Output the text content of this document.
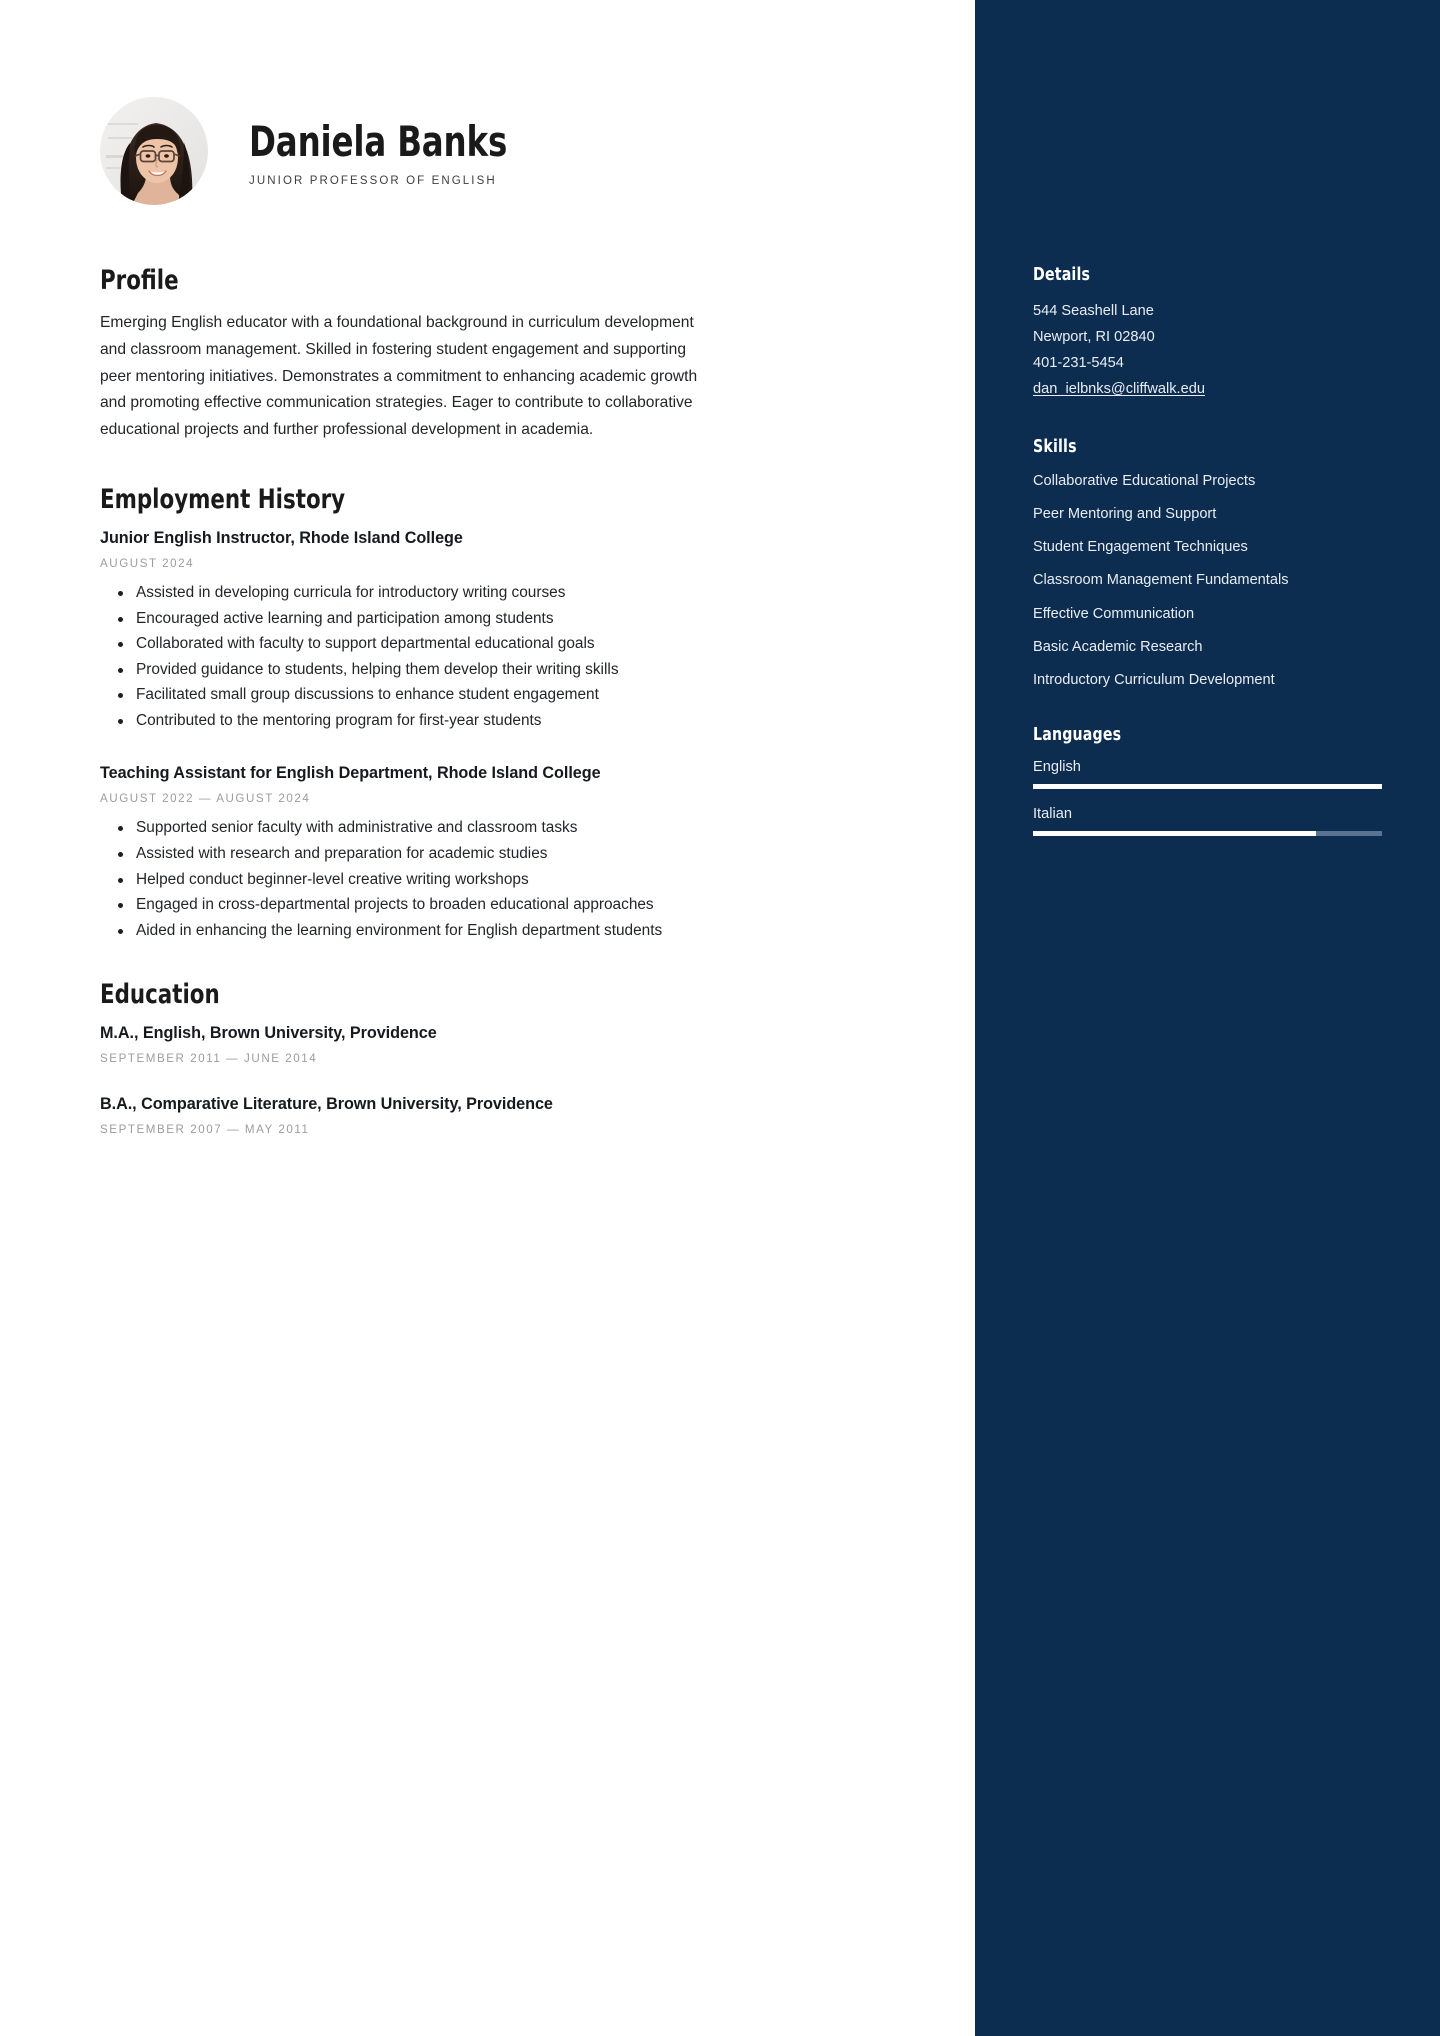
Daniela Banks
JUNIOR PROFESSOR OF ENGLISH
Profile

Emerging English educator with a foundational background in curriculum development and classroom management. Skilled in fostering student engagement and supporting peer mentoring initiatives. Demonstrates a commitment to enhancing academic growth and promoting effective communication strategies. Eager to contribute to collaborative educational projects and further professional development in academia.

Employment History
Junior English Instructor, Rhode Island College
AUGUST 2024
Assisted in developing curricula for introductory writing courses
Encouraged active learning and participation among students
Collaborated with faculty to support departmental educational goals
Provided guidance to students, helping them develop their writing skills
Facilitated small group discussions to enhance student engagement
Contributed to the mentoring program for first-year students
Teaching Assistant for English Department, Rhode Island College
AUGUST 2022 — AUGUST 2024
Supported senior faculty with administrative and classroom tasks
Assisted with research and preparation for academic studies
Helped conduct beginner-level creative writing workshops
Engaged in cross-departmental projects to broaden educational approaches
Aided in enhancing the learning environment for English department students
Education
M.A., English, Brown University, Providence
SEPTEMBER 2011 — JUNE 2014
B.A., Comparative Literature, Brown University, Providence
SEPTEMBER 2007 — MAY 2011
Details
544 Seashell Lane
Newport, RI 02840
401-231-5454
dan_ielbnks@cliffwalk.edu
Skills
Collaborative Educational Projects
Peer Mentoring and Support
Student Engagement Techniques
Classroom Management Fundamentals
Effective Communication
Basic Academic Research
Introductory Curriculum Development
Languages
English
Italian
